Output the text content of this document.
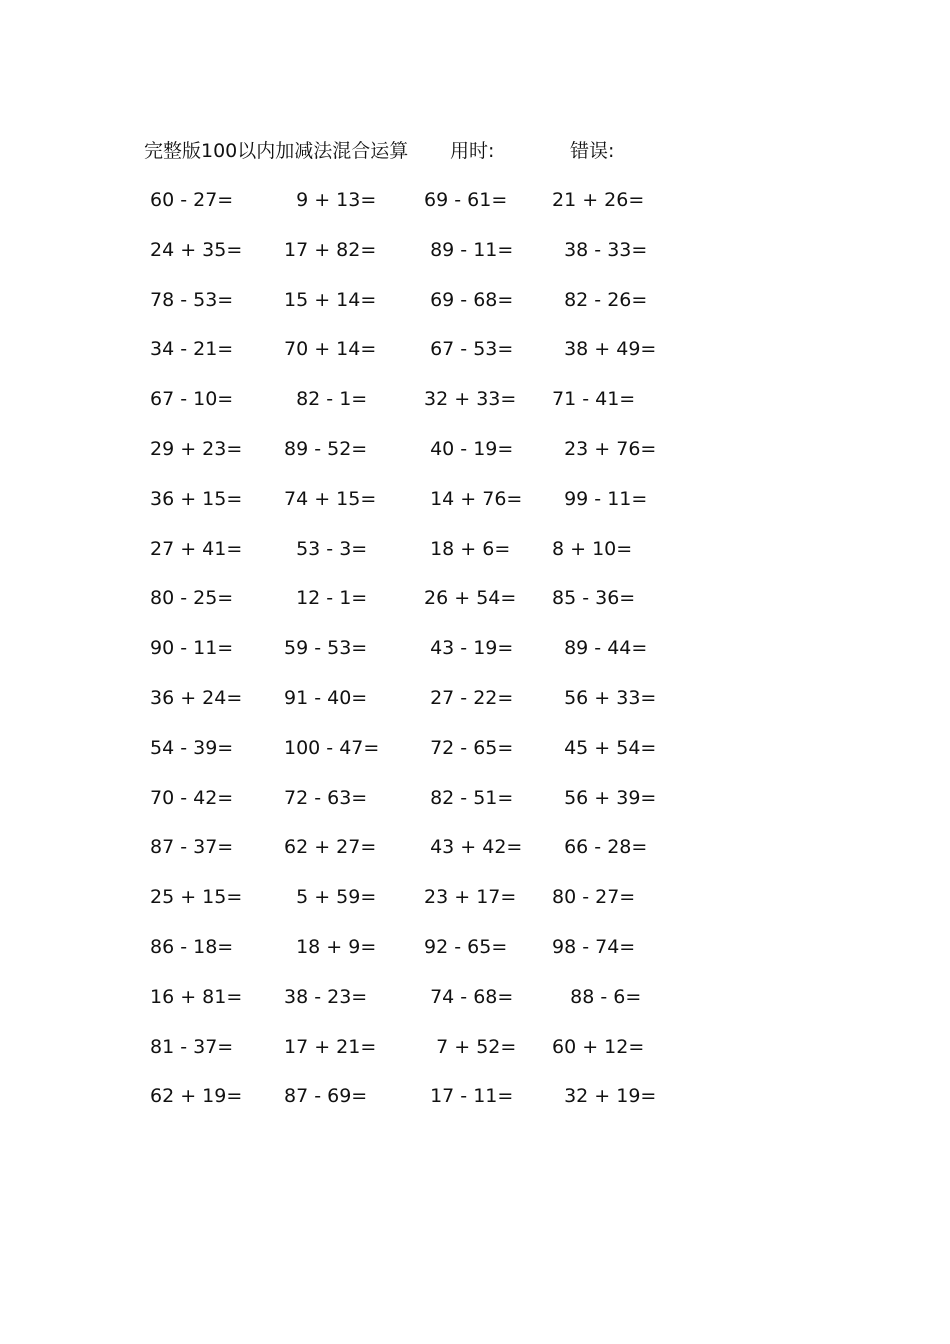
完整版100以内加减法混合运算 用时:	错误:
60 - 27=	9 + 13= 69 - 61= 21 + 26=
24 + 35= 17 + 82= 89 - 11= 38 - 33=
78 - 53=	15 + 14= 69 - 68= 82 - 26=
34 - 21=	70 + 14= 67 - 53= 38 + 49=
67 - 10=	82 - 1=	32 + 33= 71 - 41=
29 + 23= 89 - 52=	40 - 19= 23 + 76=
36 + 15= 74 + 15= 14 + 76= 99 - 11=
27 + 41= 53 - 3=	18 + 6= 8 + 10=
80 - 25=	12 - 1=	26 + 54= 85 - 36=
90 - 11=	59 - 53=	43 - 19= 89 - 44=
36 + 24= 91 - 40=	27 - 22= 56 + 33=
54 - 39=	100 - 47= 72 - 65= 45 + 54=
70 - 42=	72 - 63=	82 - 51= 56 + 39=
87 - 37=	62 + 27= 43 + 42= 66 - 28=
25 + 15= 5 + 59= 23 + 17= 80 - 27=
86 - 18=	18 + 9= 92 - 65= 98 - 74=
16 + 81= 38 - 23=	74 - 68= 88 - 6=
81 - 37=	17 + 21= 7 + 52= 60 + 12=
62 + 19= 87 - 69=	17 - 11= 32 + 19=
